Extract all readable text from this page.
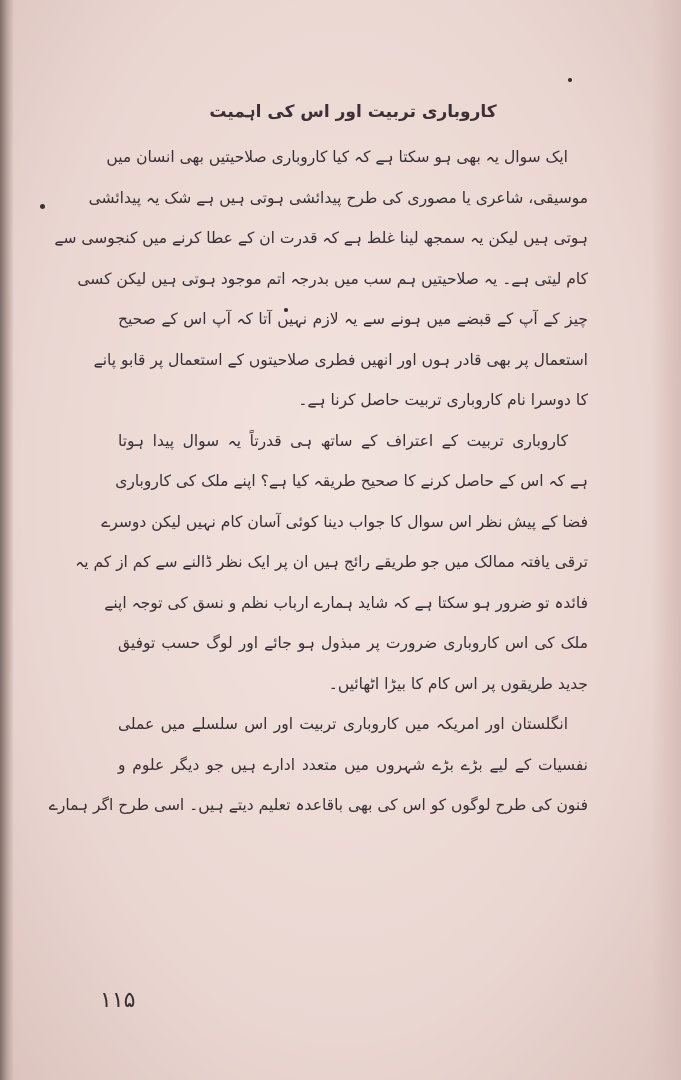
کاروباری تربیت اور اس کی اہمیت
ایک سوال یہ بھی ہو سکتا ہے کہ کیا کاروباری صلاحیتیں بھی انسان میں
موسیقی، شاعری یا مصوری کی طرح پیدائشی ہوتی ہیں ہے شک یہ پیدائشی
ہوتی ہیں لیکن یہ سمجھ لینا غلط ہے کہ قدرت ان کے عطا کرنے میں کنجوسی سے
کام لیتی ہے۔ یہ صلاحیتیں ہم سب میں بدرجہ اتم موجود ہوتی ہیں لیکن کسی
چیز کے آپ کے قبضے میں ہونے سے یہ لازم نہیں آتا کہ آپ اس کے صحیح
استعمال پر بھی قادر ہوں اور انھیں فطری صلاحیتوں کے استعمال پر قابو پانے
کا دوسرا نام کاروباری تربیت حاصل کرنا ہے۔
کاروباری تربیت کے اعتراف کے ساتھ ہی قدرتاً یہ سوال پیدا ہوتا
ہے کہ اس کے حاصل کرنے کا صحیح طریقہ کیا ہے؟ اپنے ملک کی کاروباری
فضا کے پیش نظر اس سوال کا جواب دینا کوئی آسان کام نہیں لیکن دوسرے
ترقی یافتہ ممالک میں جو طریقے رائج ہیں ان پر ایک نظر ڈالنے سے کم از کم یہ
فائدہ تو ضرور ہو سکتا ہے کہ شاید ہمارے ارباب نظم و نسق کی توجہ اپنے
ملک کی اس کاروباری ضرورت پر مبذول ہو جائے اور لوگ حسب توفیق
جدید طریقوں پر اس کام کا بیڑا اٹھائیں۔
انگلستان اور امریکہ میں کاروباری تربیت اور اس سلسلے میں عملی
نفسیات کے لیے بڑے بڑے شہروں میں متعدد ادارے ہیں جو دیگر علوم و
فنون کی طرح لوگوں کو اس کی بھی باقاعدہ تعلیم دیتے ہیں۔ اسی طرح اگر ہمارے
۱۱۵
